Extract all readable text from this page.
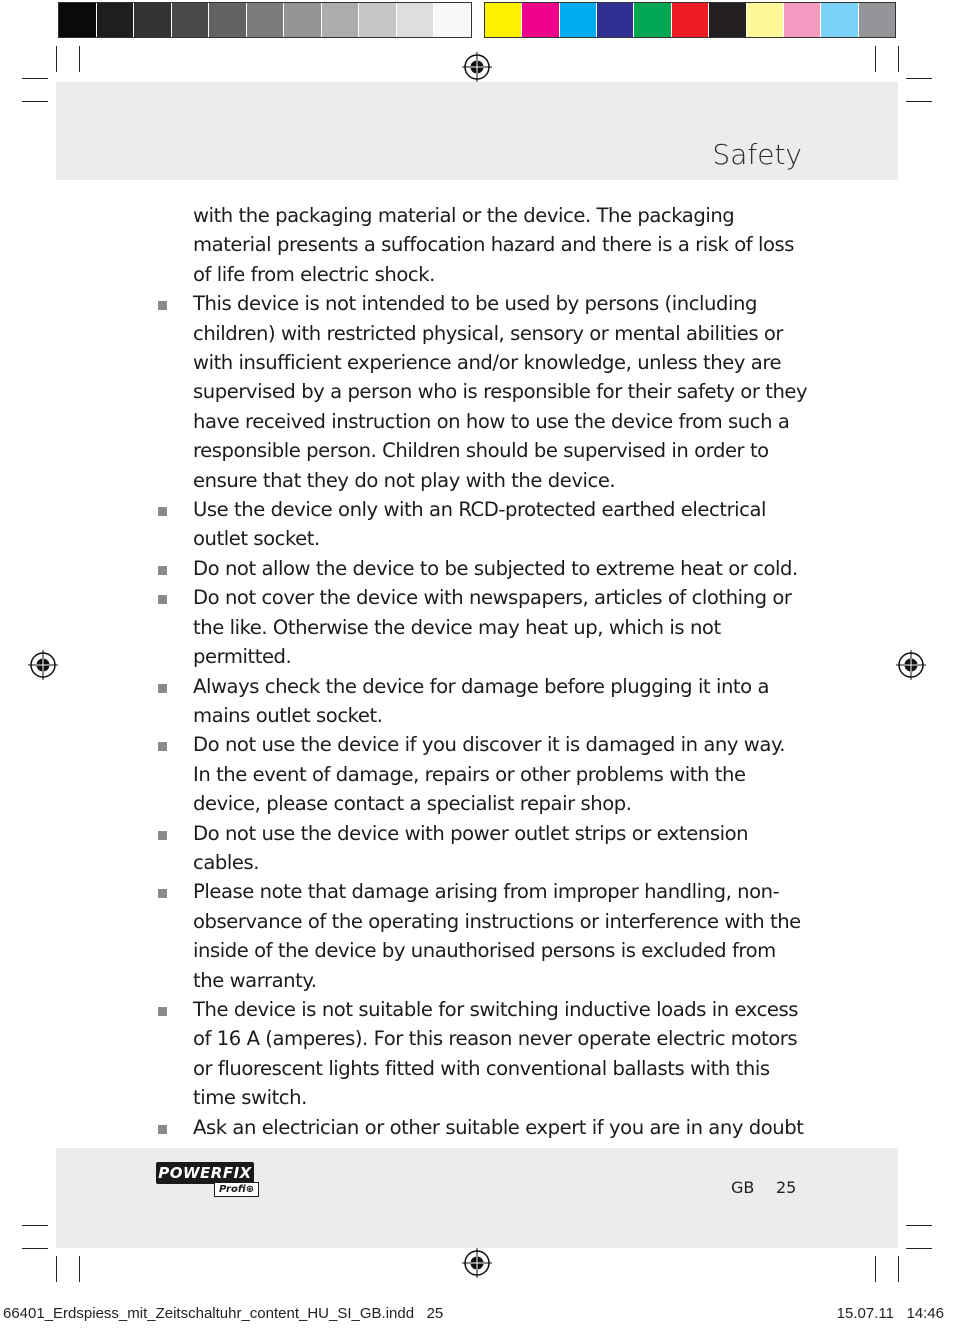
Safety

with the packaging material or the device. The packaging material presents a suffocation hazard and there is a risk of loss of life from electric shock.

This device is not intended to be used by persons (including children) with restricted physical, sensory or mental abilities or with insufficient experience and/or knowledge, unless they are supervised by a person who is responsible for their safety or they have received instruction on how to use the device from such a responsible person. Children should be supervised in order to ensure that they do not play with the device.
Use the device only with an RCD-protected earthed electrical outlet socket.
Do not allow the device to be subjected to extreme heat or cold.
Do not cover the device with newspapers, articles of clothing or the like. Otherwise the device may heat up, which is not permitted.
Always check the device for damage before plugging it into a mains outlet socket.
Do not use the device if you discover it is damaged in any way. In the event of damage, repairs or other problems with the device, please contact a specialist repair shop.
Do not use the device with power outlet strips or extension cables.
Please note that damage arising from improper handling, non-observance of the operating instructions or interference with the inside of the device by unauthorised persons is excluded from the warranty.
The device is not suitable for switching inductive loads in excess of 16 A (amperes). For this reason never operate electric motors or fluorescent lights fitted with conventional ballasts with this time switch.
Ask an electrician or other suitable expert if you are in any doubt
POWERFIX
Profi⊕	GB 25
66401_Erdspiess_mit_Zeitschaltuhr_content_HU_SI_GB.indd   25	15.07.11   14:46
